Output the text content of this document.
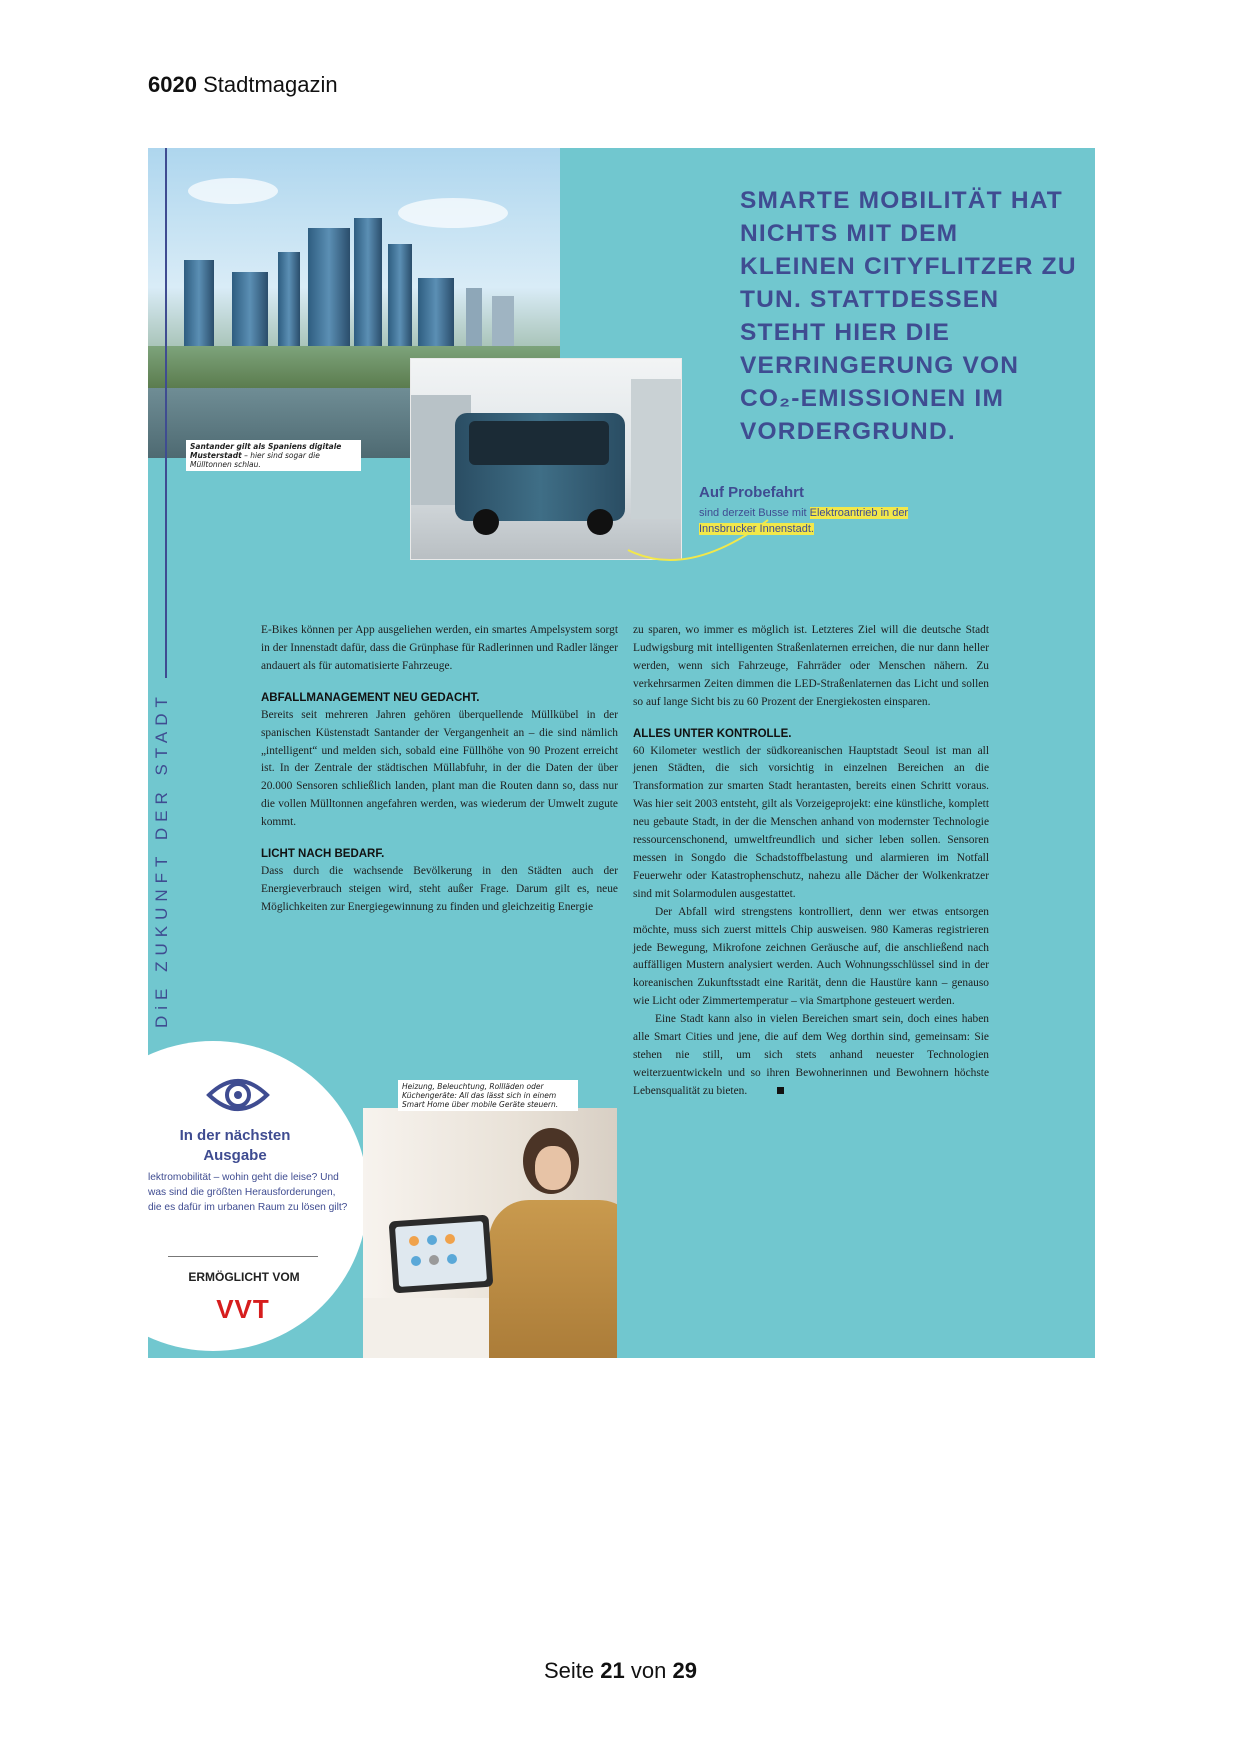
6020 Stadtmagazin
Santander gilt als Spaniens digitale Musterstadt – hier sind sogar die Mülltonnen schlau.
DiE ZUKUNFT DER STADT
SMARTE MOBILITÄT HAT NICHTS MIT DEM KLEINEN CITYFLITZER ZU TUN. STATTDESSEN STEHT HIER DIE VERRINGERUNG VON CO₂-EMISSIONEN IM VORDERGRUND.
Auf Probefahrt
sind derzeit Busse mit Elektroantrieb in der Innsbrucker Innenstadt.

E-Bikes können per App ausgeliehen werden, ein smartes Ampelsystem sorgt in der Innenstadt dafür, dass die Grünphase für Radlerinnen und Radler länger andauert als für automatisierte Fahrzeuge.

ABFALLMANAGEMENT NEU GEDACHT.

Bereits seit mehreren Jahren gehören überquellende Müllkübel in der spanischen Küstenstadt Santander der Vergangenheit an – die sind nämlich „intelligent“ und melden sich, sobald eine Füllhöhe von 90 Prozent erreicht ist. In der Zentrale der städtischen Müllabfuhr, in der die Daten der über 20.000 Sensoren schließlich landen, plant man die Routen dann so, dass nur die vollen Mülltonnen angefahren werden, was wiederum der Umwelt zugute kommt.

LICHT NACH BEDARF.

Dass durch die wachsende Bevölkerung in den Städten auch der Energieverbrauch steigen wird, steht außer Frage. Darum gilt es, neue Möglichkeiten zur Energiegewinnung zu finden und gleichzeitig Energie

zu sparen, wo immer es möglich ist. Letzteres Ziel will die deutsche Stadt Ludwigsburg mit intelligenten Straßenlaternen erreichen, die nur dann heller werden, wenn sich Fahrzeuge, Fahrräder oder Menschen nähern. Zu verkehrsarmen Zeiten dimmen die LED-Straßenlaternen das Licht und sollen so auf lange Sicht bis zu 60 Prozent der Energiekosten einsparen.

ALLES UNTER KONTROLLE.

60 Kilometer westlich der südkoreanischen Hauptstadt Seoul ist man all jenen Städten, die sich vorsichtig in einzelnen Bereichen an die Transformation zur smarten Stadt herantasten, bereits einen Schritt voraus. Was hier seit 2003 entsteht, gilt als Vorzeigeprojekt: eine künstliche, komplett neu gebaute Stadt, in der die Menschen anhand von modernster Technologie ressourcenschonend, umweltfreundlich und sicher leben sollen. Sensoren messen in Songdo die Schadstoffbelastung und alarmieren im Notfall Feuerwehr oder Katastrophenschutz, nahezu alle Dächer der Wolkenkratzer sind mit Solarmodulen ausgestattet.

Der Abfall wird strengstens kontrolliert, denn wer etwas entsorgen möchte, muss sich zuerst mittels Chip ausweisen. 980 Kameras registrieren jede Bewegung, Mikrofone zeichnen Geräusche auf, die anschließend nach auffälligen Mustern analysiert werden. Auch Wohnungsschlüssel sind in der koreanischen Zukunftsstadt eine Rarität, denn die Haustüre kann – genauso wie Licht oder Zimmertemperatur – via Smartphone gesteuert werden.

Eine Stadt kann also in vielen Bereichen smart sein, doch eines haben alle Smart Cities und jene, die auf dem Weg dorthin sind, gemeinsam: Sie stehen nie still, um sich stets anhand neuester Technologien weiterzuentwickeln und so ihren Bewohnerinnen und Bewohnern höchste Lebensqualität zu bieten.

In der nächsten Ausgabe
lektromobilität – wohin geht die leise? Und was sind die größten Herausforderungen, die es dafür im urbanen Raum zu lösen gilt?
ERMÖGLICHT VOM
VVT
Heizung, Beleuchtung, Rollläden oder Küchengeräte: All das lässt sich in einem Smart Home über mobile Geräte steuern.
Seite 21 von 29
